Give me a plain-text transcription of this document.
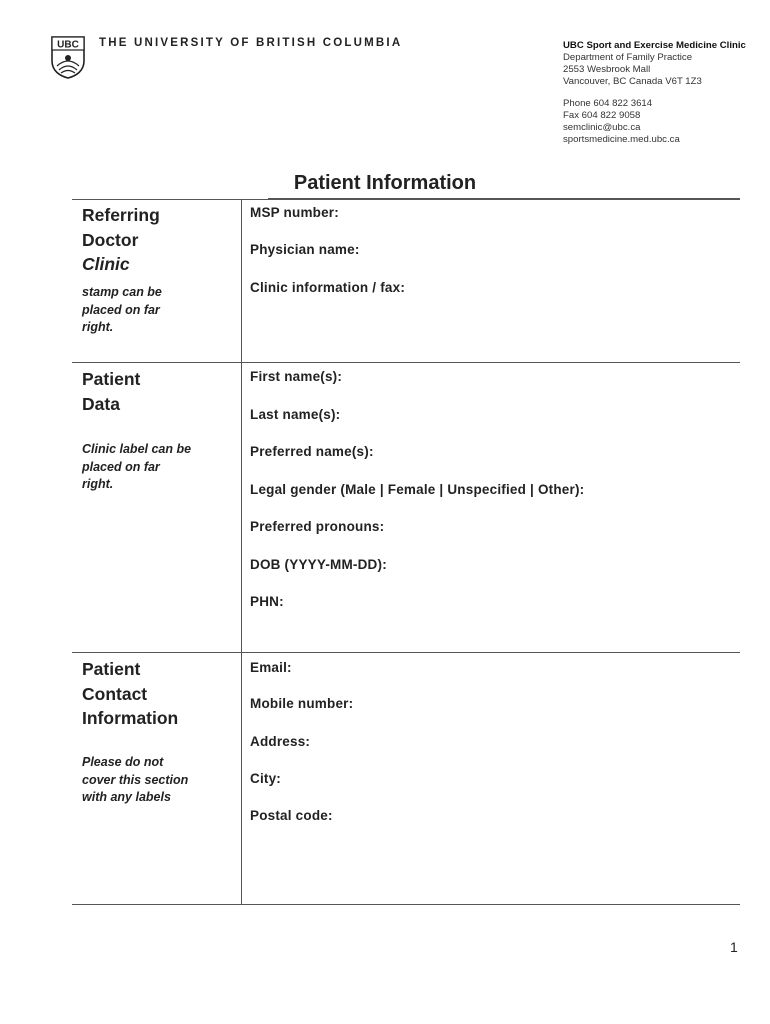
UBC THE UNIVERSITY OF BRITISH COLUMBIA	UBC Sport and Exercise Medicine Clinic
Department of Family Practice
2553 Wesbrook Mall
Vancouver, BC Canada V6T 1Z3
Phone 604 822 3614
Fax 604 822 9058
semclinic@ubc.ca
sportsmedicine.med.ubc.ca
Patient Information
Referring
Doctor
Clinic
stamp can be placed on far right.
MSP number:
Physician name:
Clinic information / fax:
Patient
Data
Clinic label can be placed on far right.
First name(s):
Last name(s):
Preferred name(s):
Legal gender (Male | Female | Unspecified | Other):
Preferred pronouns:
DOB (YYYY-MM-DD):
PHN:
Patient
Contact
Information
Please do not cover this section with any labels
Email:
Mobile number:
Address:
City:
Postal code:
1
